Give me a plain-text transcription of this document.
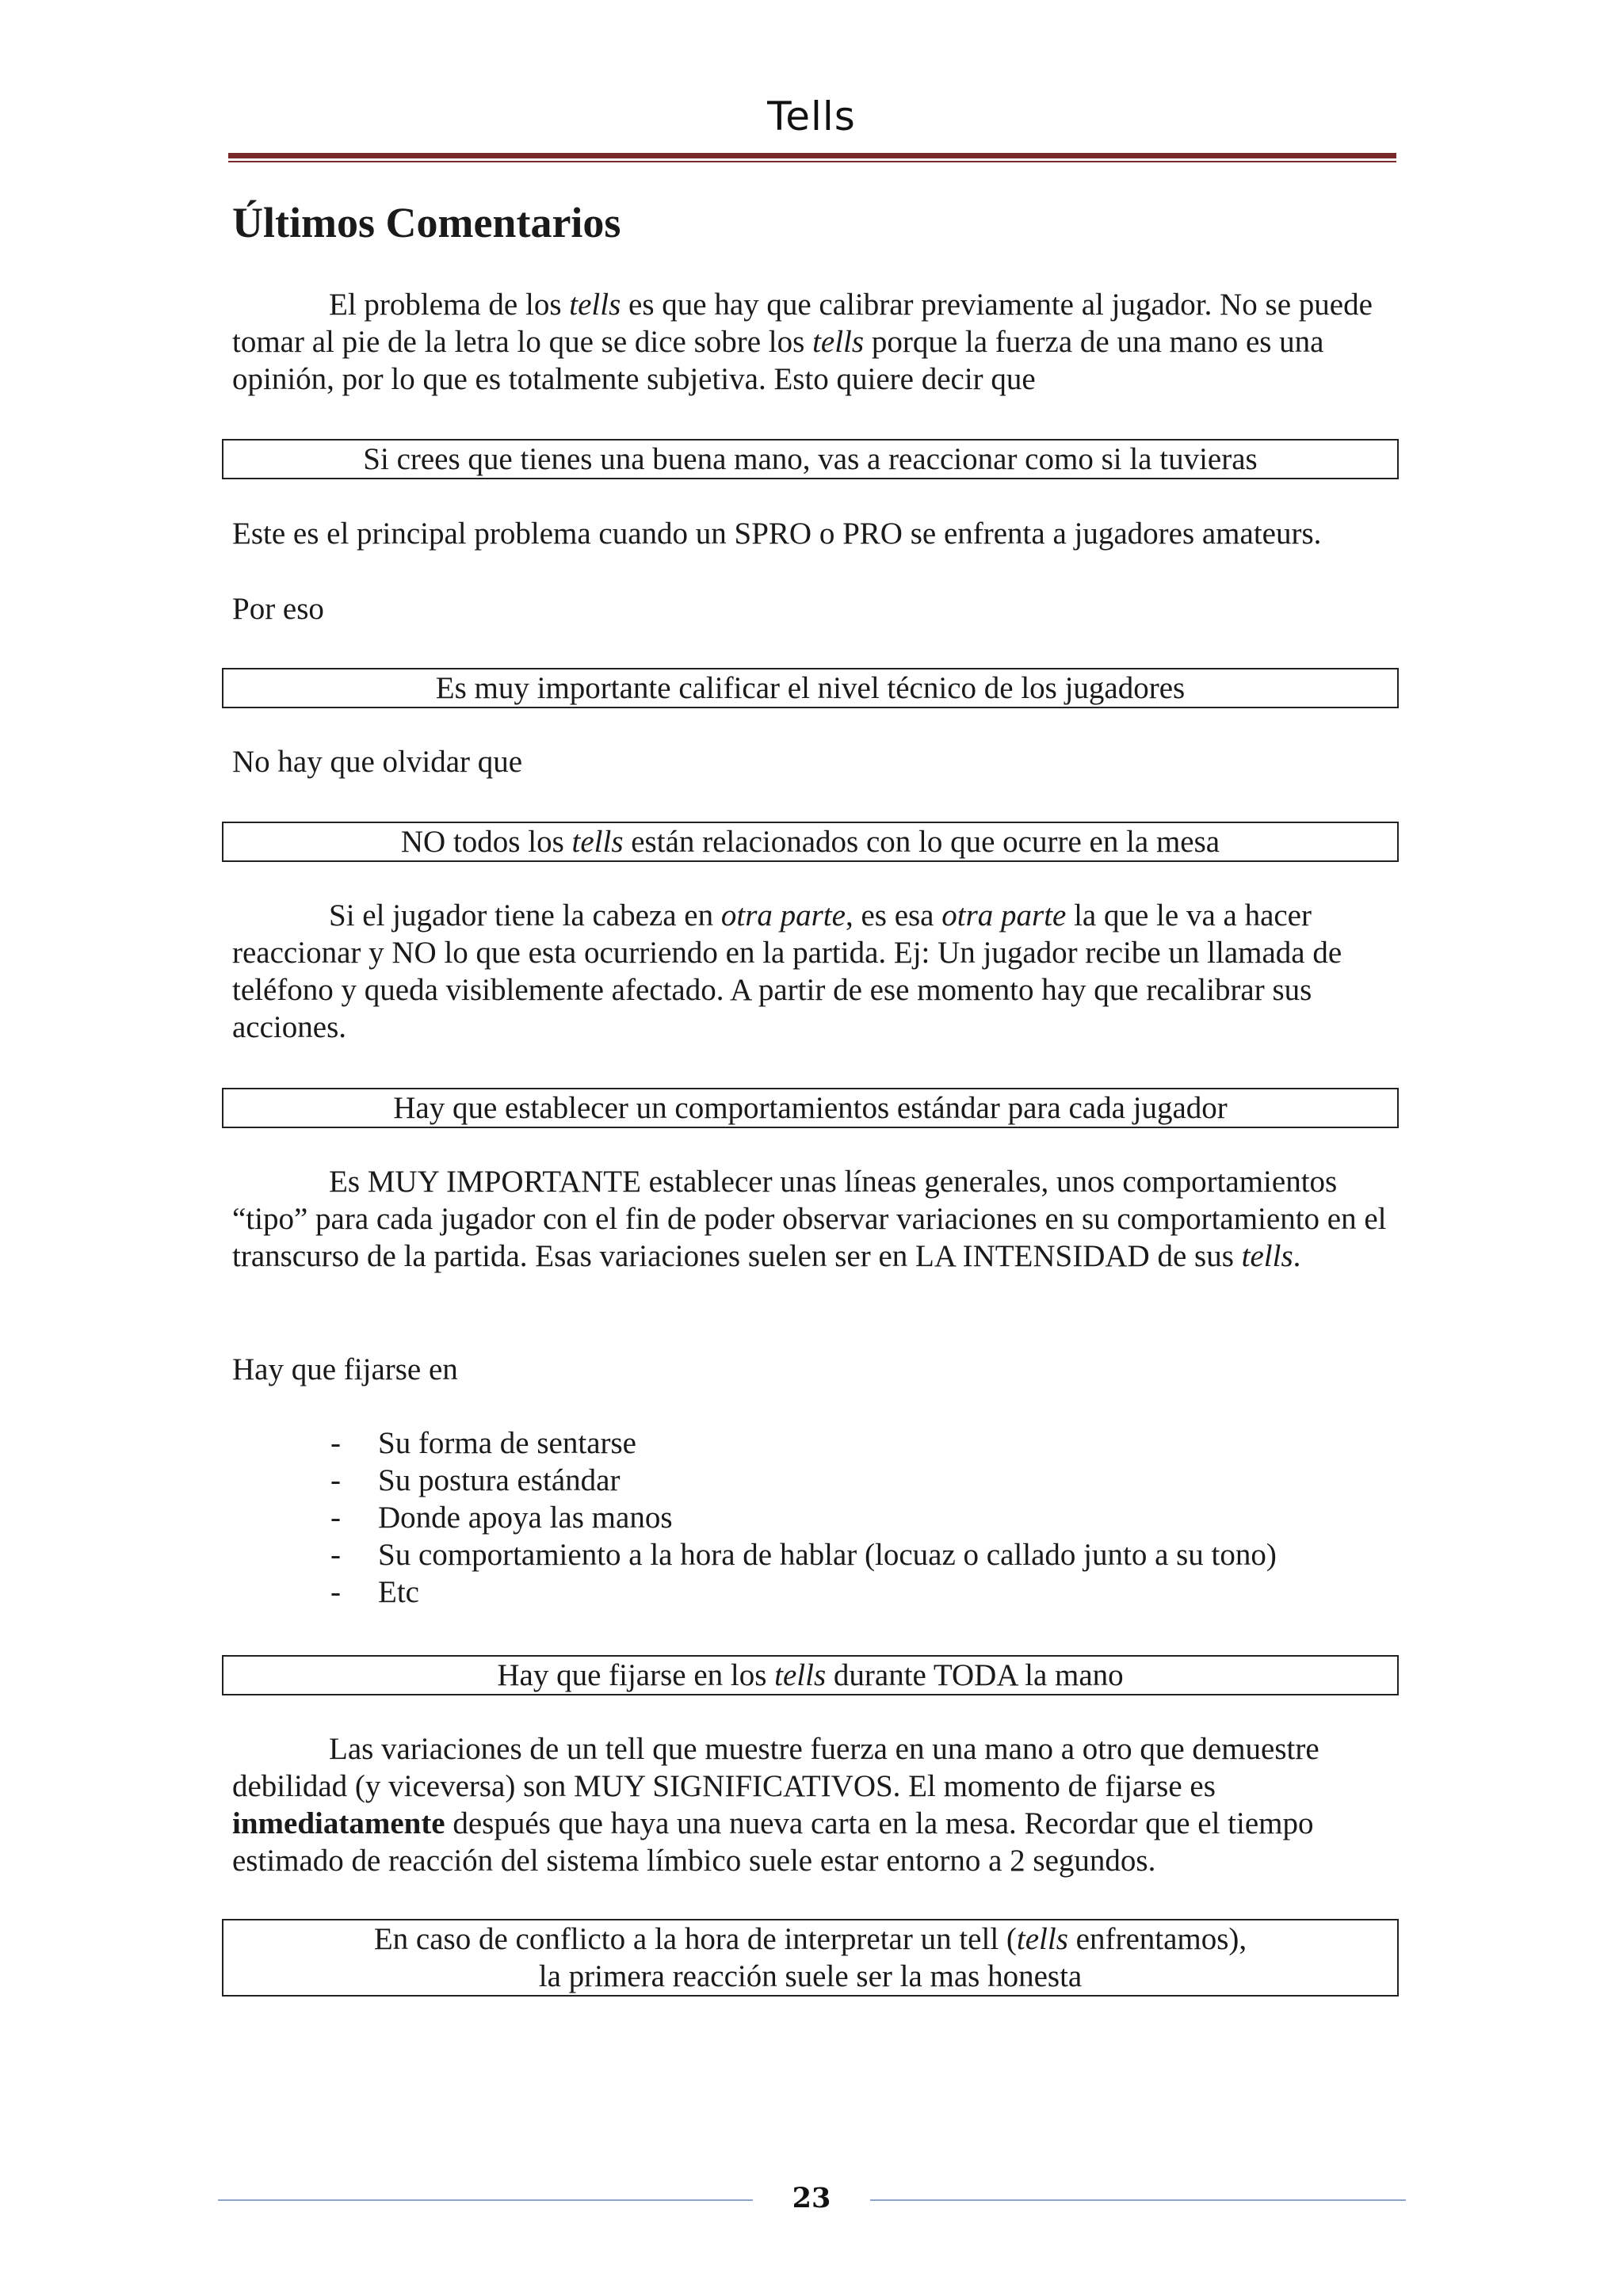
Tells
Últimos Comentarios

El problema de los tells es que hay que calibrar previamente al jugador. No se puede tomar al pie de la letra lo que se dice sobre los tells porque la fuerza de una mano es una opinión, por lo que es totalmente subjetiva. Esto quiere decir que

Si crees que tienes una buena mano, vas a reaccionar como si la tuvieras

Este es el principal problema cuando un SPRO o PRO se enfrenta a jugadores amateurs.

Por eso

Es muy importante calificar el nivel técnico de los jugadores

No hay que olvidar que

NO todos los tells están relacionados con lo que ocurre en la mesa

Si el jugador tiene la cabeza en otra parte, es esa otra parte la que le va a hacer reaccionar y NO lo que esta ocurriendo en la partida. Ej: Un jugador recibe un llamada de teléfono y queda visiblemente afectado. A partir de ese momento hay que recalibrar sus acciones.

Hay que establecer un comportamientos estándar para cada jugador

Es MUY IMPORTANTE establecer unas líneas generales, unos comportamientos “tipo” para cada jugador con el fin de poder observar variaciones en su comportamiento en el transcurso de la partida. Esas variaciones suelen ser en LA INTENSIDAD de sus tells.

Hay que fijarse en

- Su forma de sentarse
- Su postura estándar
- Donde apoya las manos
- Su comportamiento a la hora de hablar (locuaz o callado junto a su tono)
- Etc
Hay que fijarse en los tells durante TODA la mano

Las variaciones de un tell que muestre fuerza en una mano a otro que demuestre debilidad (y viceversa) son MUY SIGNIFICATIVOS. El momento de fijarse es inmediatamente después que haya una nueva carta en la mesa. Recordar que el tiempo estimado de reacción del sistema límbico suele estar entorno a 2 segundos.

En caso de conflicto a la hora de interpretar un tell (tells enfrentamos),
la primera reacción suele ser la mas honesta
23
